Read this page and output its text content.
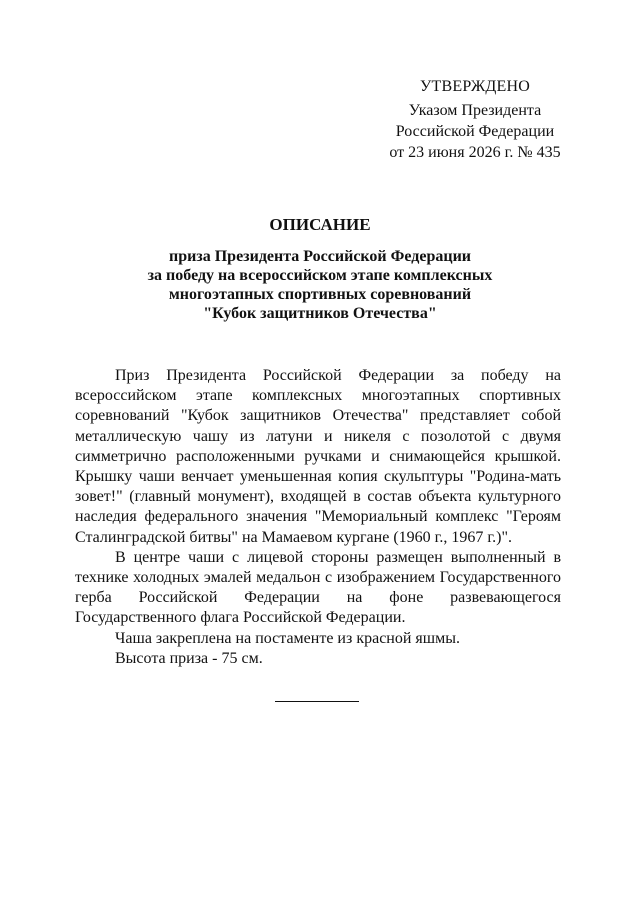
УТВЕРЖДЕНО
Указом Президента
Российской Федерации
от 23 июня 2026 г. № 435
ОПИСАНИЕ
приза Президента Российской Федерации
за победу на всероссийском этапе комплексных
многоэтапных спортивных соревнований
"Кубок защитников Отечества"

Приз Президента Российской Федерации за победу на всероссийском этапе комплексных многоэтапных спортивных соревнований "Кубок защитников Отечества" представляет собой металлическую чашу из латуни и никеля с позолотой с двумя симметрично расположенными ручками и снимающейся крышкой. Крышку чаши венчает уменьшенная копия скульптуры "Родина-мать зовет!" (главный монумент), входящей в состав объекта культурного наследия федерального значения "Мемориальный комплекс "Героям Сталинградской битвы" на Мамаевом кургане (1960 г., 1967 г.)".

В центре чаши с лицевой стороны размещен выполненный в технике холодных эмалей медальон с изображением Государственного герба Российской Федерации на фоне развевающегося Государственного флага Российской Федерации.

Чаша закреплена на постаменте из красной яшмы.

Высота приза - 75 см.
